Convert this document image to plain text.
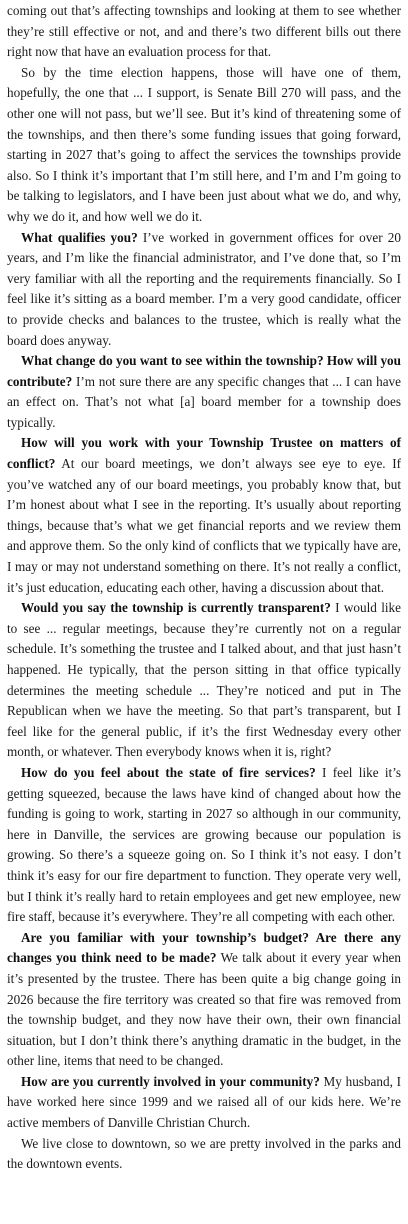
coming out that’s affecting townships and looking at them to see whether they’re still effective or not, and and there’s two different bills out there right now that have an evaluation process for that.

So by the time election happens, those will have one of them, hopefully, the one that ... I support, is Senate Bill 270 will pass, and the other one will not pass, but we’ll see. But it’s kind of threatening some of the townships, and then there’s some funding issues that going forward, starting in 2027 that’s going to affect the services the townships provide also. So I think it’s important that I’m still here, and I’m and I’m going to be talking to legislators, and I have been just about what we do, and why, why we do it, and how well we do it.

What qualifies you? I’ve worked in government offices for over 20 years, and I’m like the financial administrator, and I’ve done that, so I’m very familiar with all the reporting and the requirements financially. So I feel like it’s sitting as a board member. I’m a very good candidate, officer to provide checks and balances to the trustee, which is really what the board does anyway.

What change do you want to see within the township? How will you contribute? I’m not sure there are any specific changes that ... I can have an effect on. That’s not what [a] board member for a township does typically.

How will you work with your Township Trustee on matters of conflict? At our board meetings, we don’t always see eye to eye. If you’ve watched any of our board meetings, you probably know that, but I’m honest about what I see in the reporting. It’s usually about reporting things, because that’s what we get financial reports and we review them and approve them. So the only kind of conflicts that we typically have are, I may or may not understand something on there. It’s not really a conflict, it’s just education, educating each other, having a discussion about that.

Would you say the township is currently transparent? I would like to see ... regular meetings, because they’re currently not on a regular schedule. It’s something the trustee and I talked about, and that just hasn’t happened. He typically, that the person sitting in that office typically determines the meeting schedule ... They’re noticed and put in The Republican when we have the meeting. So that part’s transparent, but I feel like for the general public, if it’s the first Wednesday every other month, or whatever. Then everybody knows when it is, right?

How do you feel about the state of fire services? I feel like it’s getting squeezed, because the laws have kind of changed about how the funding is going to work, starting in 2027 so although in our community, here in Danville, the services are growing because our population is growing. So there’s a squeeze going on. So I think it’s not easy. I don’t think it’s easy for our fire department to function. They operate very well, but I think it’s really hard to retain employees and get new employee, new fire staff, because it’s everywhere. They’re all competing with each other.

Are you familiar with your township’s budget? Are there any changes you think need to be made? We talk about it every year when it’s presented by the trustee. There has been quite a big change going in 2026 because the fire territory was created so that fire was removed from the township budget, and they now have their own, their own financial situation, but I don’t think there’s anything dramatic in the budget, in the other line, items that need to be changed.

How are you currently involved in your community? My husband, I have worked here since 1999 and we raised all of our kids here. We’re active members of Danville Christian Church.

We live close to downtown, so we are pretty involved in the parks and the downtown events.
